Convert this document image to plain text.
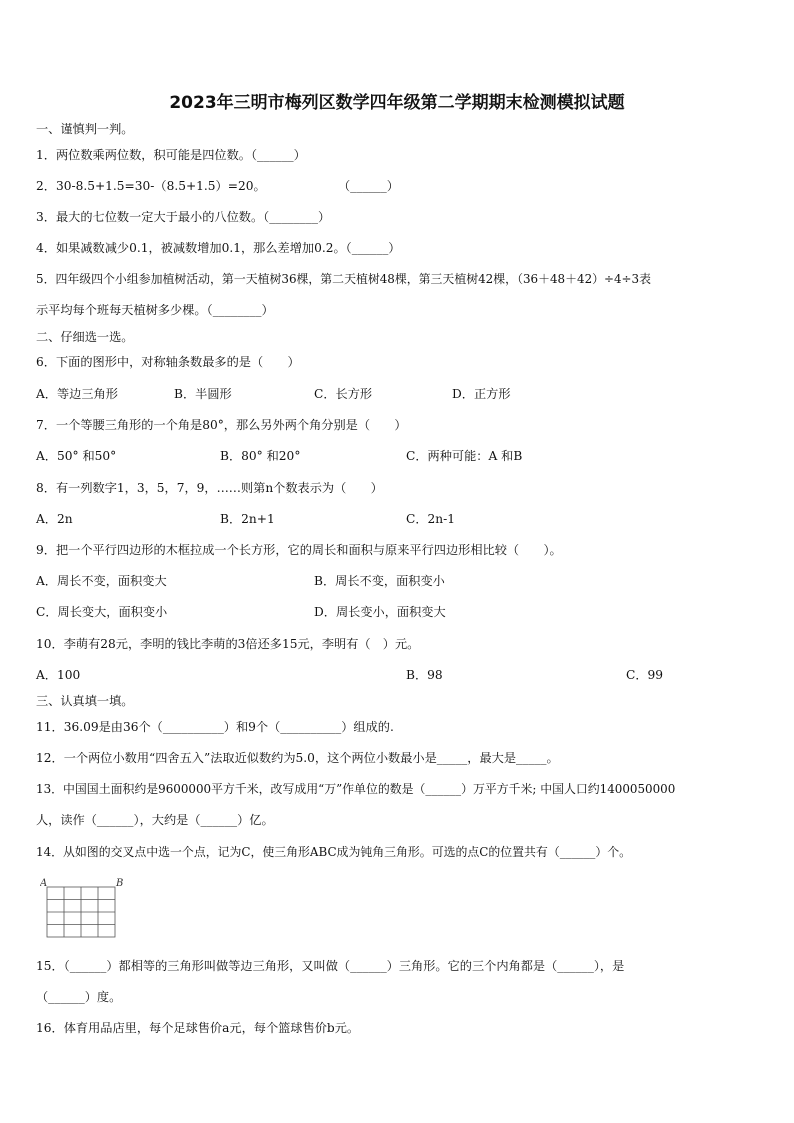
2023年三明市梅列区数学四年级第二学期期末检测模拟试题
一、谨慎判一判。
1．两位数乘两位数，积可能是四位数。（______）
2．30-8.5+1.5=30-（8.5+1.5）=20。	（______）
3．最大的七位数一定大于最小的八位数。（________）
4．如果减数减少0.1，被减数增加0.1，那么差增加0.2。（______）
5．四年级四个小组参加植树活动，第一天植树36棵，第二天植树48棵，第三天植树42棵，（36＋48＋42）÷4÷3表
示平均每个班每天植树多少棵。（________）
二、仔细选一选。
6．下面的图形中，对称轴条数最多的是（　　）
A．等边三角形	B．半圆形	C．长方形	D．正方形
7．一个等腰三角形的一个角是80°，那么另外两个角分别是（　　）
A．50° 和50°	B．80° 和20°	C．两种可能：A 和B
8．有一列数字1，3，5，7，9，……则第n个数表示为（　　）
A．2n	B．2n+1	C．2n-1
9．把一个平行四边形的木框拉成一个长方形，它的周长和面积与原来平行四边形相比较（　　）。
A．周长不变，面积变大	B．周长不变，面积变小
C．周长变大，面积变小	D．周长变小，面积变大
10．李萌有28元，李明的钱比李萌的3倍还多15元，李明有（　）元。
A．100	B．98	C．99
三、认真填一填。
11．36.09是由36个（__________）和9个（__________）组成的.
12．一个两位小数用“四舍五入”法取近似数约为5.0，这个两位小数最小是_____，最大是_____。
13．中国国土面积约是9600000平方千米，改写成用“万”作单位的数是（______）万平方千米; 中国人口约1400050000
人，读作（______），大约是（______）亿。
14．从如图的交叉点中选一个点，记为C，使三角形ABC成为钝角三角形。可选的点C的位置共有（______）个。
A	B
15．（______）都相等的三角形叫做等边三角形，又叫做（______）三角形。它的三个内角都是（______），是
（______）度。
16．体育用品店里，每个足球售价a元，每个篮球售价b元。
